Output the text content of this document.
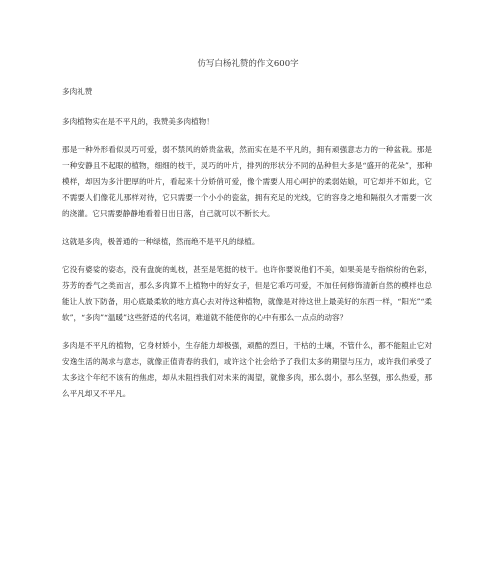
仿写白杨礼赞的作文600字

多肉礼赞

多肉植物实在是不平凡的，我赞美多肉植物！

那是一种外形看似灵巧可爱，弱不禁风的娇贵盆栽，然而实在是不平凡的，拥有顽强意志力的一种盆栽。那是一种安静且不起眼的植物，细细的枝干，灵巧的叶片，排列的形状分不同的品种但大多是“盛开的花朵”，那种模样，却因为多汁肥厚的叶片，看起来十分娇俏可爱，像个需要人用心呵护的柔弱姑娘，可它却并不如此，它不需要人们像花儿那样对待，它只需要一个小小的瓷盆，拥有充足的光线，它的容身之地和隔很久才需要一次的浇灌。它只需要静静地看着日出日落，自己就可以不断长大。

这就是多肉，极普通的一种绿植，然而绝不是平凡的绿植。

它没有婆娑的姿态，没有盘旋的虬枝，甚至是笔挺的枝干。也许你要说他们不美，如果美是专指缤纷的色彩，芬芳的香气之类而言，那么多肉算不上植物中的好女子，但是它乖巧可爱，不加任何修饰清新自然的模样也总能让人放下防备，用心底最柔软的地方真心去对待这种植物，就像是对待这世上最美好的东西一样，“阳光”“柔软”，“多肉”“温暖”这些舒适的代名词，难道就不能使你的心中有那么一点点的动容？

多肉是不平凡的植物，它身材娇小，生存能力却极强，顽酷的烈日，干枯的土壤，不管什么，都不能阻止它对安逸生活的渴求与意志，就像正值青春的我们，或许这个社会给予了我们太多的期望与压力，或许我们承受了太多这个年纪不该有的焦虑，却从未阻挡我们对未来的渴望，就像多肉，那么弱小，那么坚强，那么热爱，那么平凡却又不平凡。
